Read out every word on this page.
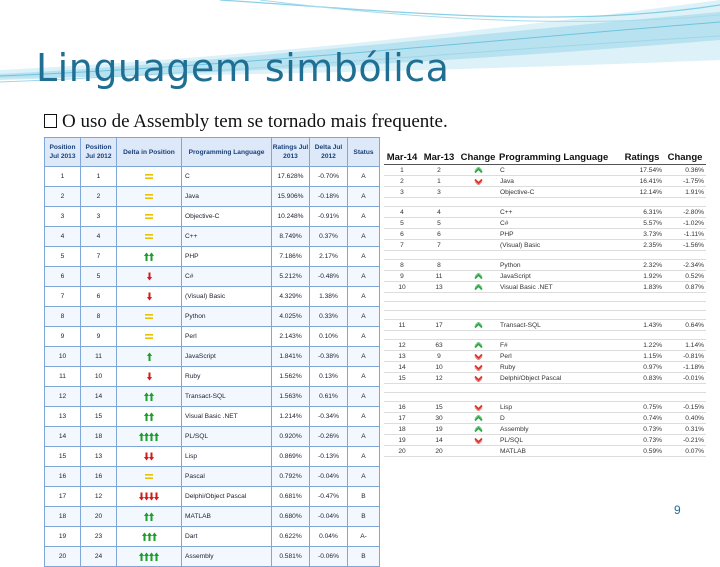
Linguagem simbólica
O uso de Assembly tem se tornado mais frequente.
Position Jul 2013	Position Jul 2012	Delta in Position	Programming Language	Ratings Jul 2013	Delta Jul 2012	Status
1	1		C	17.628%	-0.70%	A
2	2		Java	15.906%	-0.18%	A
3	3		Objective-C	10.248%	-0.91%	A
4	4		C++	8.749%	0.37%	A
5	7		PHP	7.186%	2.17%	A
6	5		C#	5.212%	-0.48%	A
7	6		(Visual) Basic	4.329%	1.38%	A
8	8		Python	4.025%	0.33%	A
9	9		Perl	2.143%	0.10%	A
10	11		JavaScript	1.841%	-0.38%	A
11	10		Ruby	1.562%	0.13%	A
12	14		Transact-SQL	1.563%	0.61%	A
13	15		Visual Basic .NET	1.214%	-0.34%	A
14	18		PL/SQL	0.920%	-0.26%	A
15	13		Lisp	0.869%	-0.13%	A
16	16		Pascal	0.792%	-0.04%	A
17	12		Delphi/Object Pascal	0.681%	-0.47%	B
18	20		MATLAB	0.680%	-0.04%	B
19	23		Dart	0.622%	0.04%	A-
20	24		Assembly	0.581%	-0.06%	B
Mar-14	Mar-13	Change	Programming Language	Ratings	Change
1	2		C	17.54%	0.36%
2	1		Java	16.41%	-1.75%
3	3		Objective-C	12.14%	1.91%

4	4		C++	6.31%	-2.80%
5	5		C#	5.57%	-1.02%
6	6		PHP	3.73%	-1.11%
7	7		(Visual) Basic	2.35%	-1.56%

8	8		Python	2.32%	-2.34%
9	11		JavaScript	1.92%	0.52%
10	13		Visual Basic .NET	1.83%	0.87%

11	17		Transact-SQL	1.43%	0.64%

12	63		F#	1.22%	1.14%
13	9		Perl	1.15%	-0.81%
14	10		Ruby	0.97%	-1.18%
15	12		Delphi/Object Pascal	0.83%	-0.01%

16	15		Lisp	0.75%	-0.15%
17	30		D	0.74%	0.40%
18	19		Assembly	0.73%	0.31%
19	14		PL/SQL	0.73%	-0.21%
20	20		MATLAB	0.59%	0.07%
9
